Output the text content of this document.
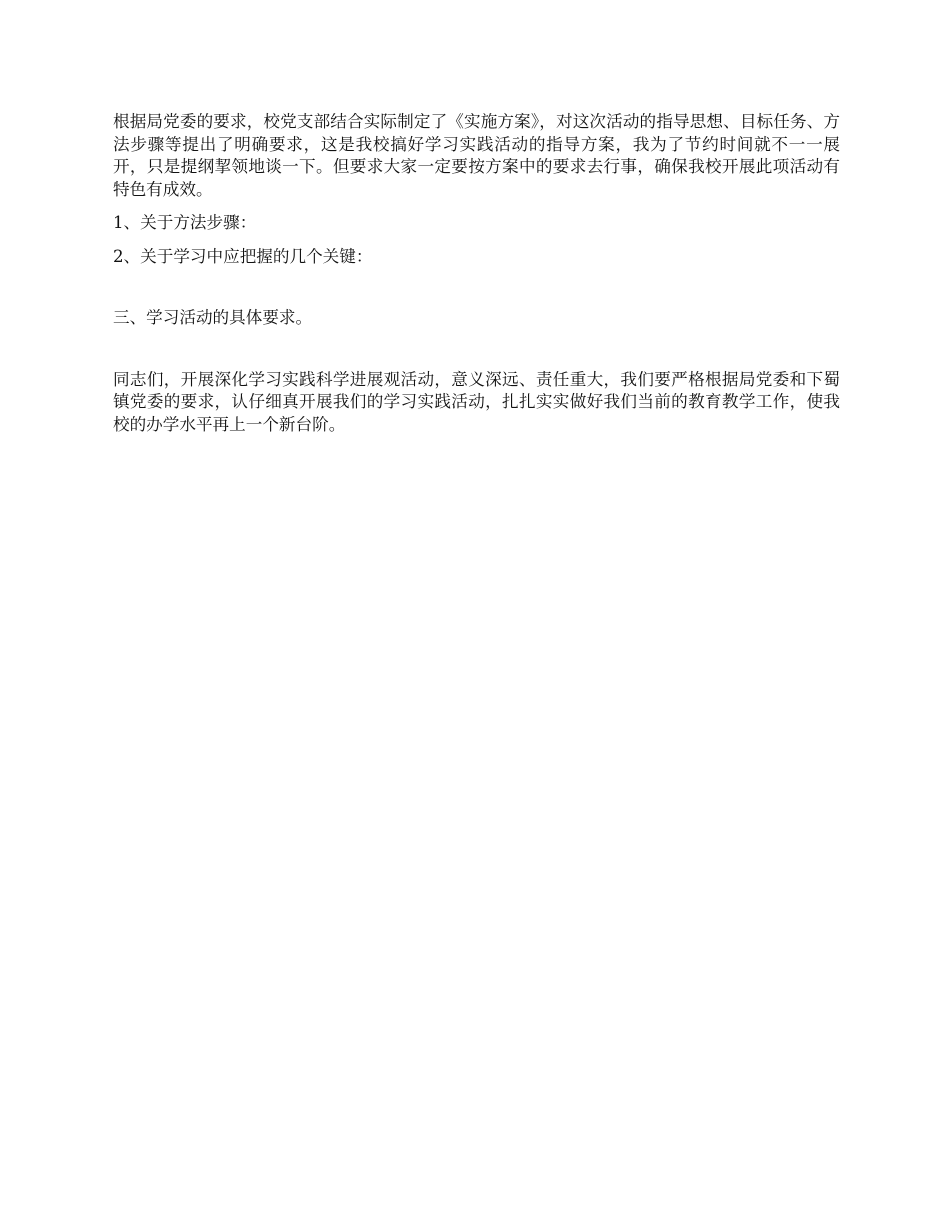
根据局党委的要求，校党支部结合实际制定了《实施方案》，对这次活动的指导思想、目标任务、方法步骤等提出了明确要求，这是我校搞好学习实践活动的指导方案，我为了节约时间就不一一展开，只是提纲挈领地谈一下。但要求大家一定要按方案中的要求去行事，确保我校开展此项活动有特色有成效。

1、关于方法步骤：

2、关于学习中应把握的几个关键：

三、学习活动的具体要求。

同志们，开展深化学习实践科学进展观活动，意义深远、责任重大，我们要严格根据局党委和下蜀镇党委的要求，认仔细真开展我们的学习实践活动，扎扎实实做好我们当前的教育教学工作，使我校的办学水平再上一个新台阶。
